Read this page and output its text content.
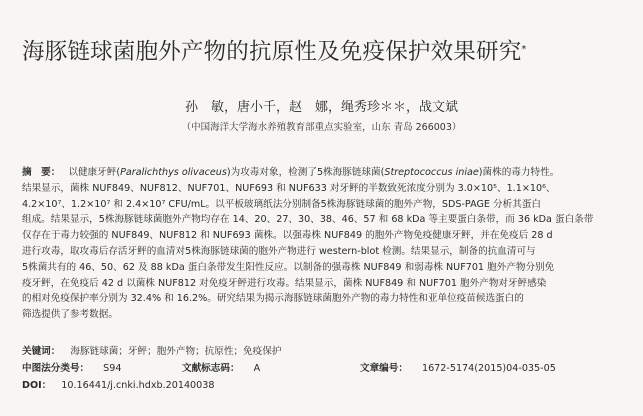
海豚链球菌胞外产物的抗原性及免疫保护效果研究*
孙　敏，唐小千，赵　娜，绳秀珍＊＊，战文斌
（中国海洋大学海水养殖教育部重点实验室，山东 青岛 266003）
摘　要： 以健康牙鲆(Paralichthys olivaceus)为攻毒对象，检测了5株海豚链球菌(Streptococcus iniae)菌株的毒力特性。
结果显示，菌株 NUF849、NUF812、NUF701、NUF693 和 NUF633 对牙鲆的半数致死浓度分别为 3.0×10⁵、1.1×10⁶、
4.2×10⁷、1.2×10⁷ 和 2.4×10⁷ CFU/mL。以平板玻璃纸法分别制备5株海豚链球菌的胞外产物，SDS-PAGE 分析其蛋白
组成。结果显示，5株海豚链球菌胞外产物均存在 14、20、27、30、38、46、57 和 68 kDa 等主要蛋白条带，而 36 kDa 蛋白条带
仅存在于毒力较强的 NUF849、NUF812 和 NUF693 菌株。以强毒株 NUF849 的胞外产物免疫健康牙鲆，并在免疫后 28 d
进行攻毒，取攻毒后存活牙鲆的血清对5株海豚链球菌的胞外产物进行 western-blot 检测。结果显示，制备的抗血清可与
5株菌共有的 46、50、62 及 88 kDa 蛋白条带发生阳性反应。以制备的强毒株 NUF849 和弱毒株 NUF701 胞外产物分别免
疫牙鲆，在免疫后 42 d 以菌株 NUF812 对免疫牙鲆进行攻毒。结果显示，菌株 NUF849 和 NUF701 胞外产物对牙鲆感染
的相对免疫保护率分别为 32.4% 和 16.2%。研究结果为揭示海豚链球菌胞外产物的毒力特性和亚单位疫苗候选蛋白的
筛选提供了参考数据。
关键词： 海豚链球菌；牙鲆；胞外产物；抗原性；免疫保护
中图法分类号： S94	文献标志码： A	文章编号： 1672-5174(2015)04-035-05
DOI： 10.16441/j.cnki.hdxb.20140038
